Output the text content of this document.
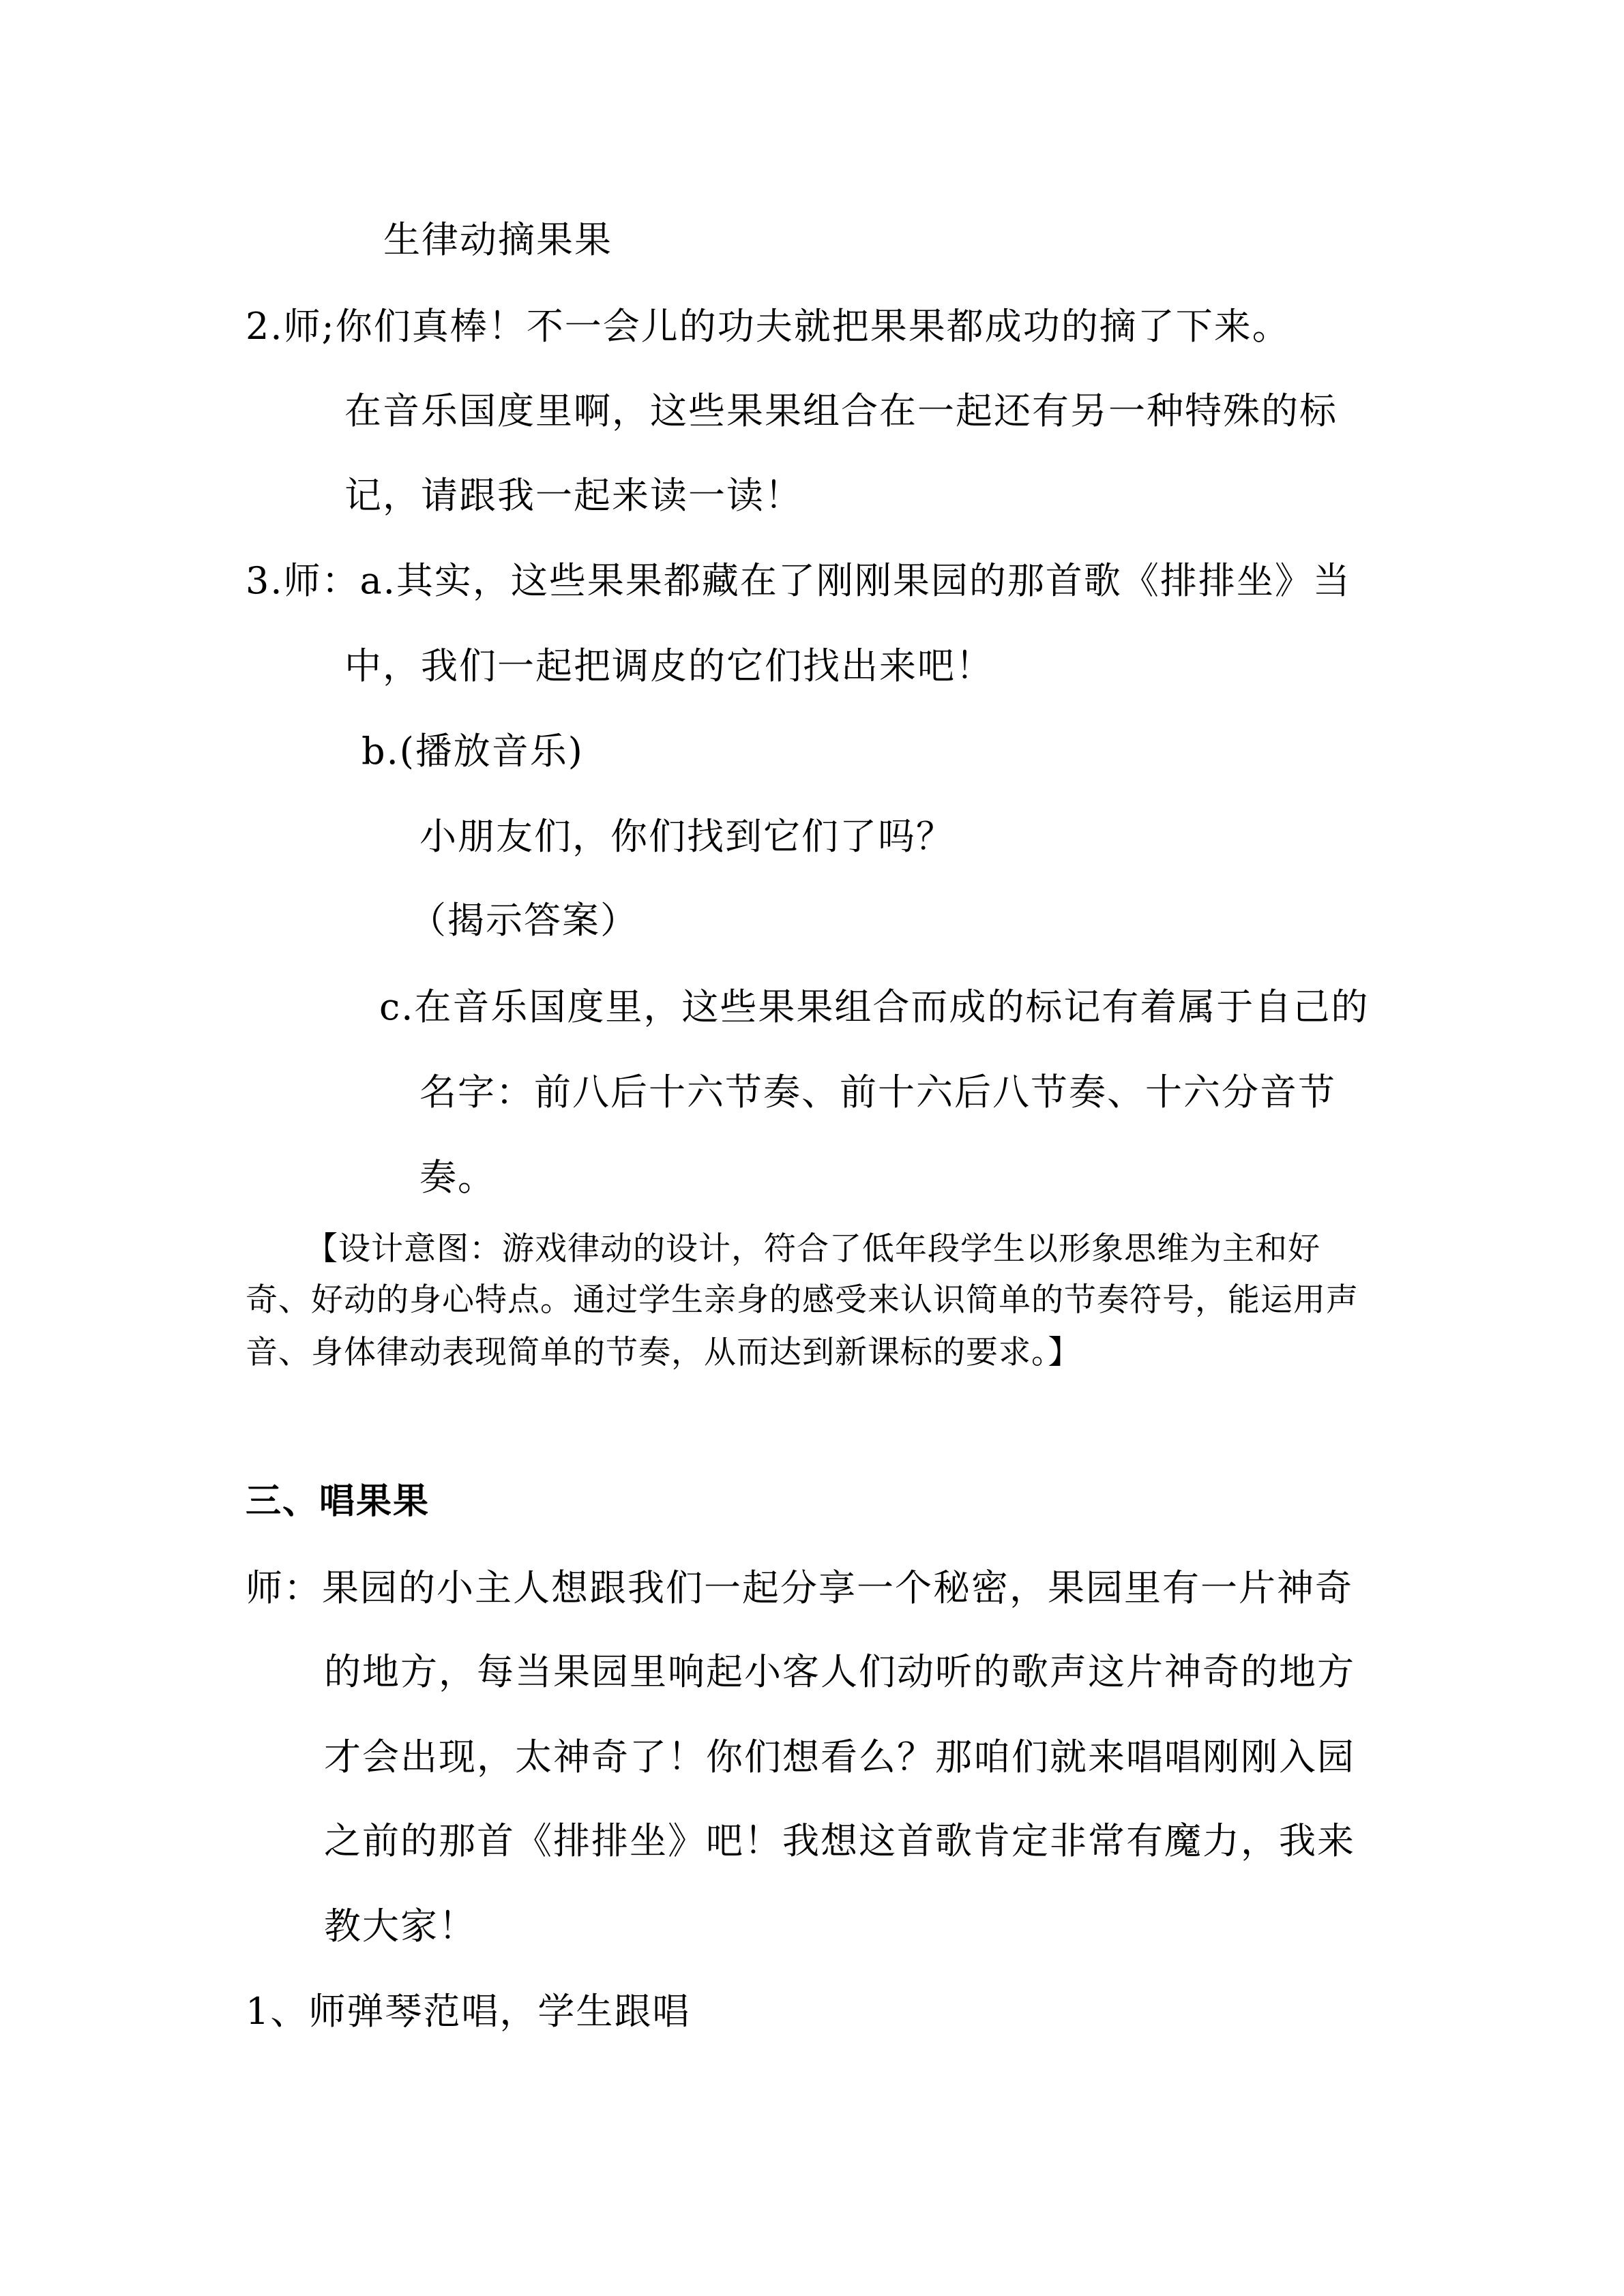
生律动摘果果
2.师;你们真棒！不一会儿的功夫就把果果都成功的摘了下来。
在音乐国度里啊，这些果果组合在一起还有另一种特殊的标
记，请跟我一起来读一读！
3.师：a.其实，这些果果都藏在了刚刚果园的那首歌《排排坐》当
中，我们一起把调皮的它们找出来吧！
b.(播放音乐)
小朋友们，你们找到它们了吗？
（揭示答案）
c.在音乐国度里，这些果果组合而成的标记有着属于自己的
名字：前八后十六节奏、前十六后八节奏、十六分音节
奏。
【设计意图：游戏律动的设计，符合了低年段学生以形象思维为主和好
奇、好动的身心特点。通过学生亲身的感受来认识简单的节奏符号，能运用声
音、身体律动表现简单的节奏，从而达到新课标的要求。】
三、唱果果
师：果园的小主人想跟我们一起分享一个秘密，果园里有一片神奇
的地方，每当果园里响起小客人们动听的歌声这片神奇的地方
才会出现，太神奇了！你们想看么？那咱们就来唱唱刚刚入园
之前的那首《排排坐》吧！我想这首歌肯定非常有魔力，我来
教大家！
1、师弹琴范唱，学生跟唱
